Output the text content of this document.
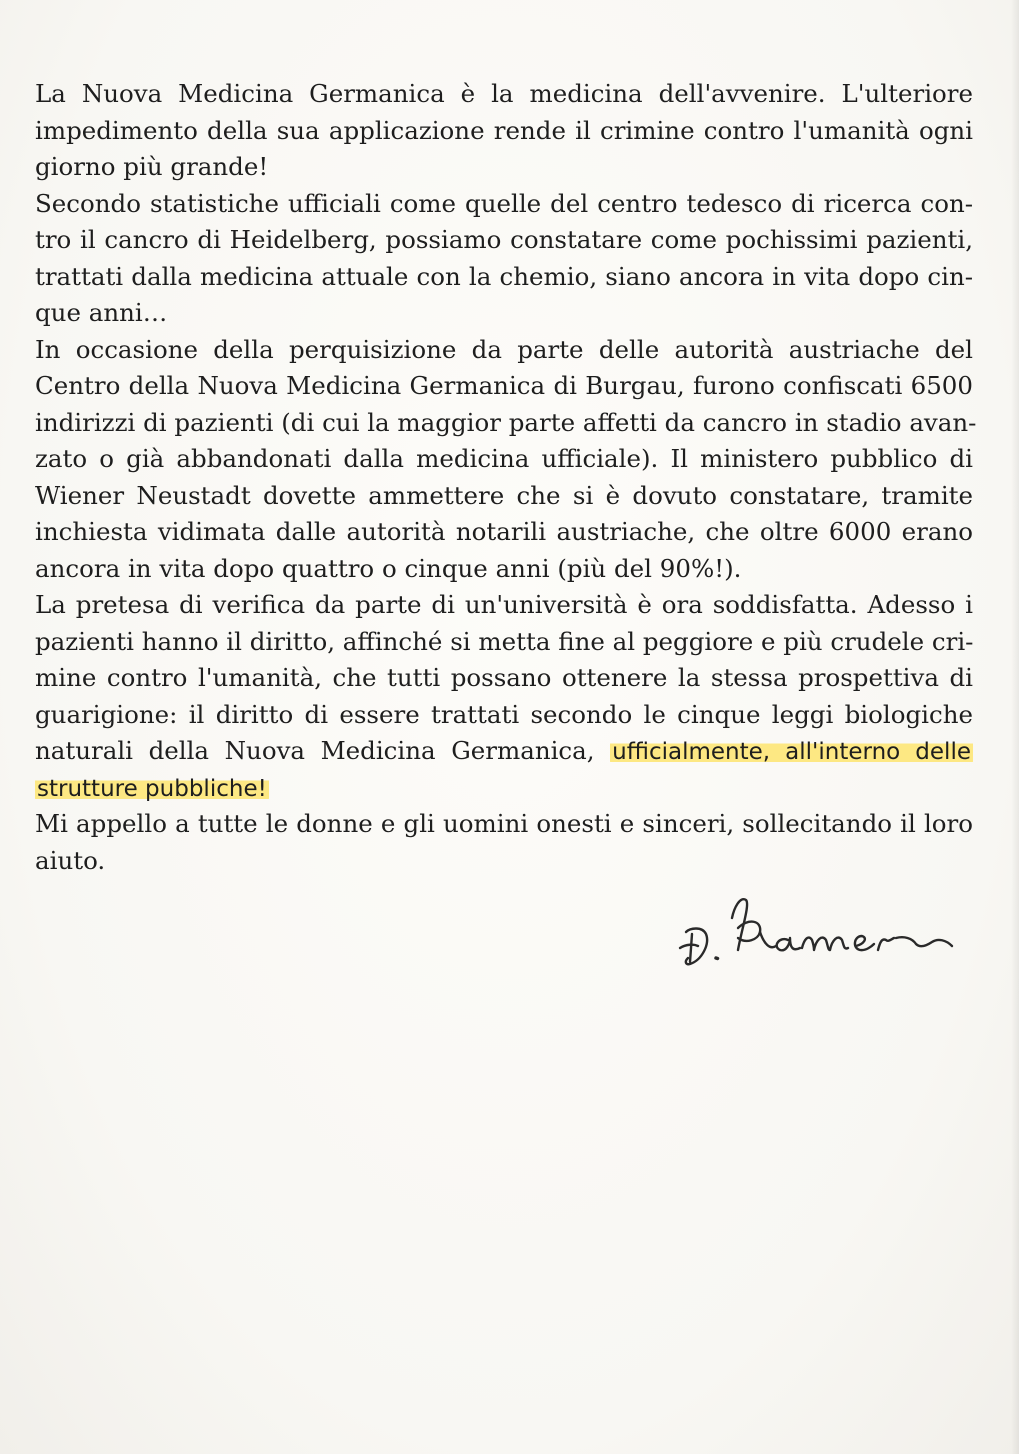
La Nuova Medicina Germanica è la medicina dell'avvenire. L'ulteriore
impedimento della sua applicazione rende il crimine contro l'umanità ogni
giorno più grande!
Secondo statistiche ufficiali come quelle del centro tedesco di ricerca con-
tro il cancro di Heidelberg, possiamo constatare come pochissimi pazienti,
trattati dalla medicina attuale con la chemio, siano ancora in vita dopo cin-
que anni…
In occasione della perquisizione da parte delle autorità austriache del
Centro della Nuova Medicina Germanica di Burgau, furono confiscati 6500
indirizzi di pazienti (di cui la maggior parte affetti da cancro in stadio avan-
zato o già abbandonati dalla medicina ufficiale). Il ministero pubblico di
Wiener Neustadt dovette ammettere che si è dovuto constatare, tramite
inchiesta vidimata dalle autorità notarili austriache, che oltre 6000 erano
ancora in vita dopo quattro o cinque anni (più del 90%!).
La pretesa di verifica da parte di un'università è ora soddisfatta. Adesso i
pazienti hanno il diritto, affinché si metta fine al peggiore e più crudele cri-
mine contro l'umanità, che tutti possano ottenere la stessa prospettiva di
guarigione: il diritto di essere trattati secondo le cinque leggi biologiche
naturali della Nuova Medicina Germanica, ufficialmente, all'interno delle
strutture pubbliche!
Mi appello a tutte le donne e gli uomini onesti e sinceri, sollecitando il loro
aiuto.
